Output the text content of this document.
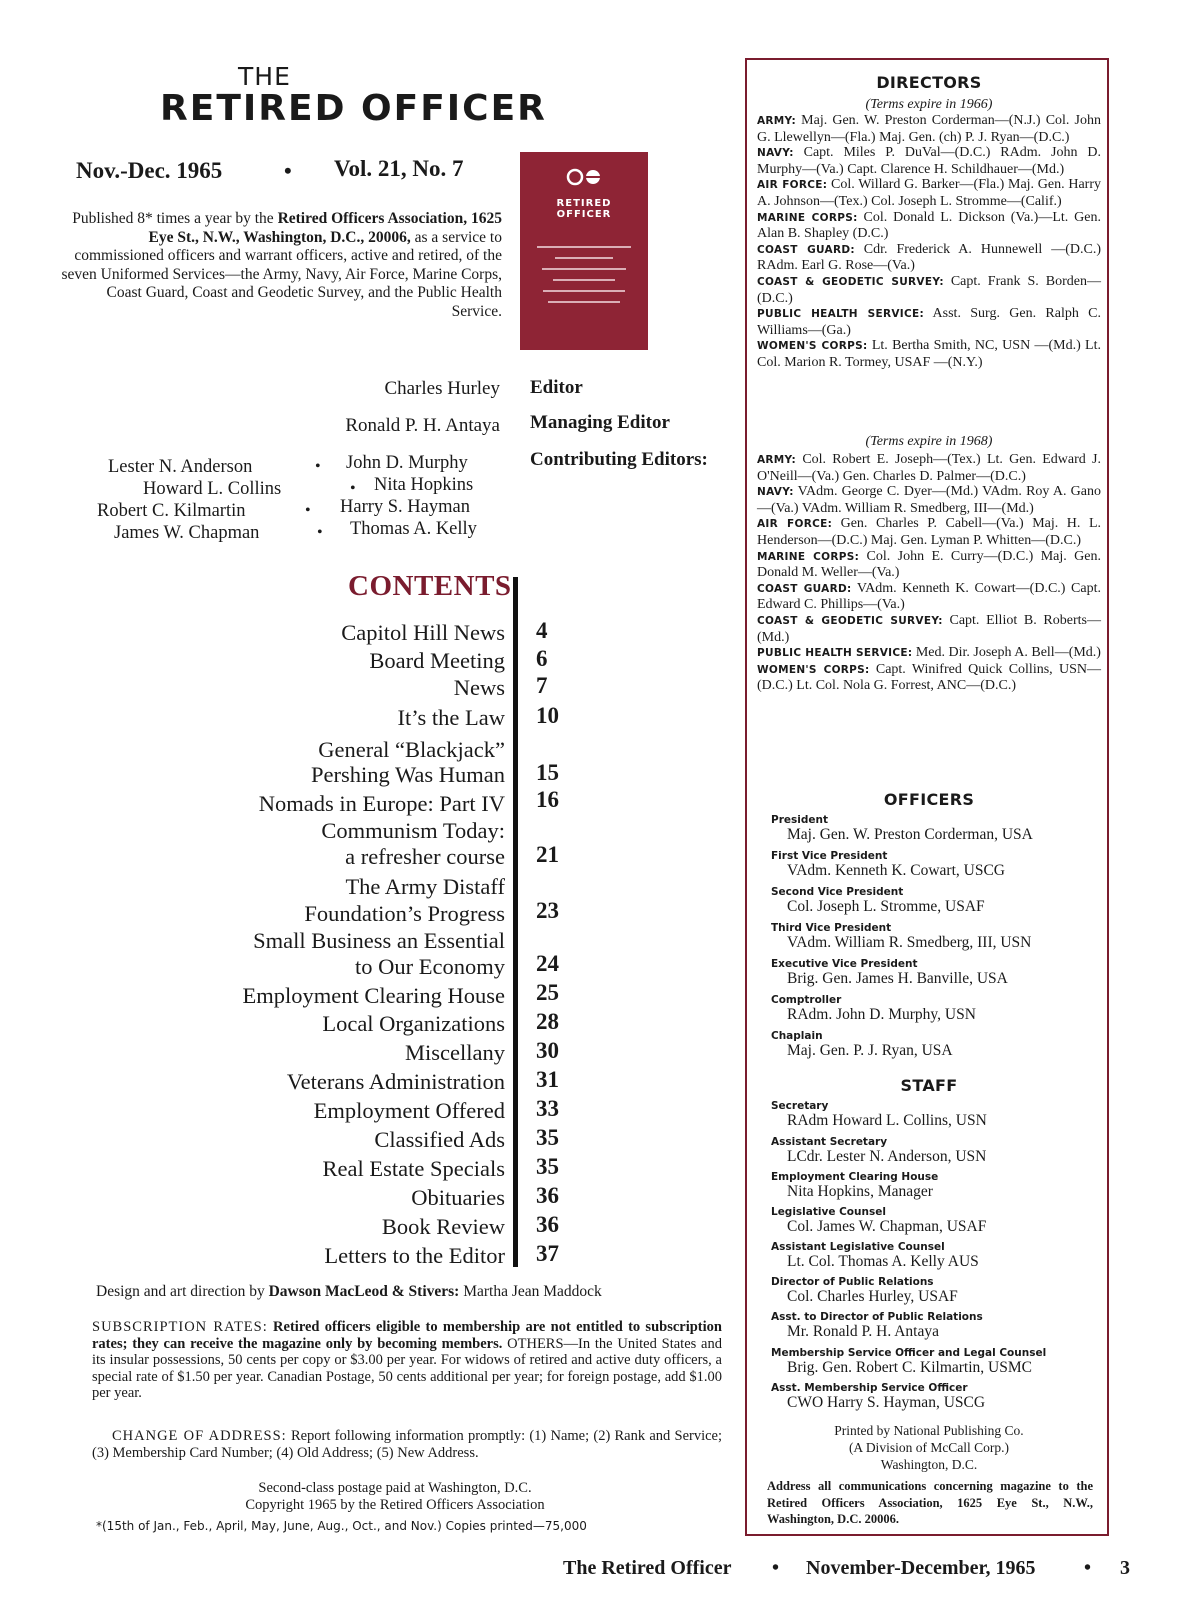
THE
RETIRED OFFICER
Nov.-Dec. 1965	• Vol. 21, No. 7
Published 8* times a year by the Retired Officers Association, 1625 Eye St., N.W., Washington, D.C., 20006, as a service to commissioned officers and warrant officers, active and retired, of the seven Uniformed Services—the Army, Navy, Air Force, Marine Corps, Coast Guard, Coast and Geodetic Survey, and the Public Health Service.
RETIRED
OFFICER
Charles Hurley Editor
Ronald P. H. Antaya Managing Editor
Contributing Editors:
Lester N. Anderson	• John D. Murphy
Howard L. Collins	• Nita Hopkins
Robert C. Kilmartin	• Harry S. Hayman
James W. Chapman	• Thomas A. Kelly
CONTENTS
Capitol Hill News 4
Board Meeting 6
News 7
It’s the Law 10
General “Blackjack”
Pershing Was Human 15
Nomads in Europe: Part IV 16
Communism Today:
a refresher course 21
The Army Distaff
Foundation’s Progress 23
Small Business an Essential
to Our Economy 24
Employment Clearing House 25
Local Organizations 28
Miscellany 30
Veterans Administration 31
Employment Offered 33
Classified Ads 35
Real Estate Specials 35
Obituaries 36
Book Review 36
Letters to the Editor 37
Design and art direction by Dawson MacLeod & Stivers: Martha Jean Maddock
SUBSCRIPTION RATES: Retired officers eligible to membership are not entitled to subscription rates; they can receive the magazine only by becoming members. OTHERS—In the United States and its insular possessions, 50 cents per copy or $3.00 per year. For widows of retired and active duty officers, a special rate of $1.50 per year. Canadian Postage, 50 cents additional per year; for foreign postage, add $1.00 per year.
CHANGE OF ADDRESS: Report following information promptly: (1) Name; (2) Rank and Service; (3) Membership Card Number; (4) Old Address; (5) New Address.
Second-class postage paid at Washington, D.C.
Copyright 1965 by the Retired Officers Association
*(15th of Jan., Feb., April, May, June, Aug., Oct., and Nov.) Copies printed—75,000
The Retired Officer • November-December, 1965 • 3
DIRECTORS
(Terms expire in 1966)
ARMY: Maj. Gen. W. Preston Corderman—(N.J.) Col. John G. Llewellyn—(Fla.) Maj. Gen. (ch) P. J. Ryan—(D.C.)
NAVY: Capt. Miles P. DuVal—(D.C.) RAdm. John D. Murphy—(Va.) Capt. Clarence H. Schildhauer—(Md.)
AIR FORCE: Col. Willard G. Barker—(Fla.) Maj. Gen. Harry A. Johnson—(Tex.) Col. Joseph L. Stromme—(Calif.)
MARINE CORPS: Col. Donald L. Dickson (Va.)—Lt. Gen. Alan B. Shapley (D.C.)
COAST GUARD: Cdr. Frederick A. Hunnewell —(D.C.) RAdm. Earl G. Rose—(Va.)
COAST & GEODETIC SURVEY: Capt. Frank S. Borden—(D.C.)
PUBLIC HEALTH SERVICE: Asst. Surg. Gen. Ralph C. Williams—(Ga.)
WOMEN'S CORPS: Lt. Bertha Smith, NC, USN —(Md.) Lt. Col. Marion R. Tormey, USAF —(N.Y.)
(Terms expire in 1968)
ARMY: Col. Robert E. Joseph—(Tex.) Lt. Gen. Edward J. O'Neill—(Va.) Gen. Charles D. Palmer—(D.C.)
NAVY: VAdm. George C. Dyer—(Md.) VAdm. Roy A. Gano—(Va.) VAdm. William R. Smedberg, III—(Md.)
AIR FORCE: Gen. Charles P. Cabell—(Va.) Maj. H. L. Henderson—(D.C.) Maj. Gen. Lyman P. Whitten—(D.C.)
MARINE CORPS: Col. John E. Curry—(D.C.) Maj. Gen. Donald M. Weller—(Va.)
COAST GUARD: VAdm. Kenneth K. Cowart—(D.C.) Capt. Edward C. Phillips—(Va.)
COAST & GEODETIC SURVEY: Capt. Elliot B. Roberts—(Md.)
PUBLIC HEALTH SERVICE: Med. Dir. Joseph A. Bell—(Md.)
WOMEN'S CORPS: Capt. Winifred Quick Collins, USN—(D.C.) Lt. Col. Nola G. Forrest, ANC—(D.C.)
OFFICERS
President
Maj. Gen. W. Preston Corderman, USA
First Vice President
VAdm. Kenneth K. Cowart, USCG
Second Vice President
Col. Joseph L. Stromme, USAF
Third Vice President
VAdm. William R. Smedberg, III, USN
Executive Vice President
Brig. Gen. James H. Banville, USA
Comptroller
RAdm. John D. Murphy, USN
Chaplain
Maj. Gen. P. J. Ryan, USA
STAFF
Secretary
RAdm Howard L. Collins, USN
Assistant Secretary
LCdr. Lester N. Anderson, USN
Employment Clearing House
Nita Hopkins, Manager
Legislative Counsel
Col. James W. Chapman, USAF
Assistant Legislative Counsel
Lt. Col. Thomas A. Kelly AUS
Director of Public Relations
Col. Charles Hurley, USAF
Asst. to Director of Public Relations
Mr. Ronald P. H. Antaya
Membership Service Officer and Legal Counsel
Brig. Gen. Robert C. Kilmartin, USMC
Asst. Membership Service Officer
CWO Harry S. Hayman, USCG
Printed by National Publishing Co.
(A Division of McCall Corp.)
Washington, D.C.
Address all communications concerning magazine to the Retired Officers Association, 1625 Eye St., N.W., Washington, D.C. 20006.
